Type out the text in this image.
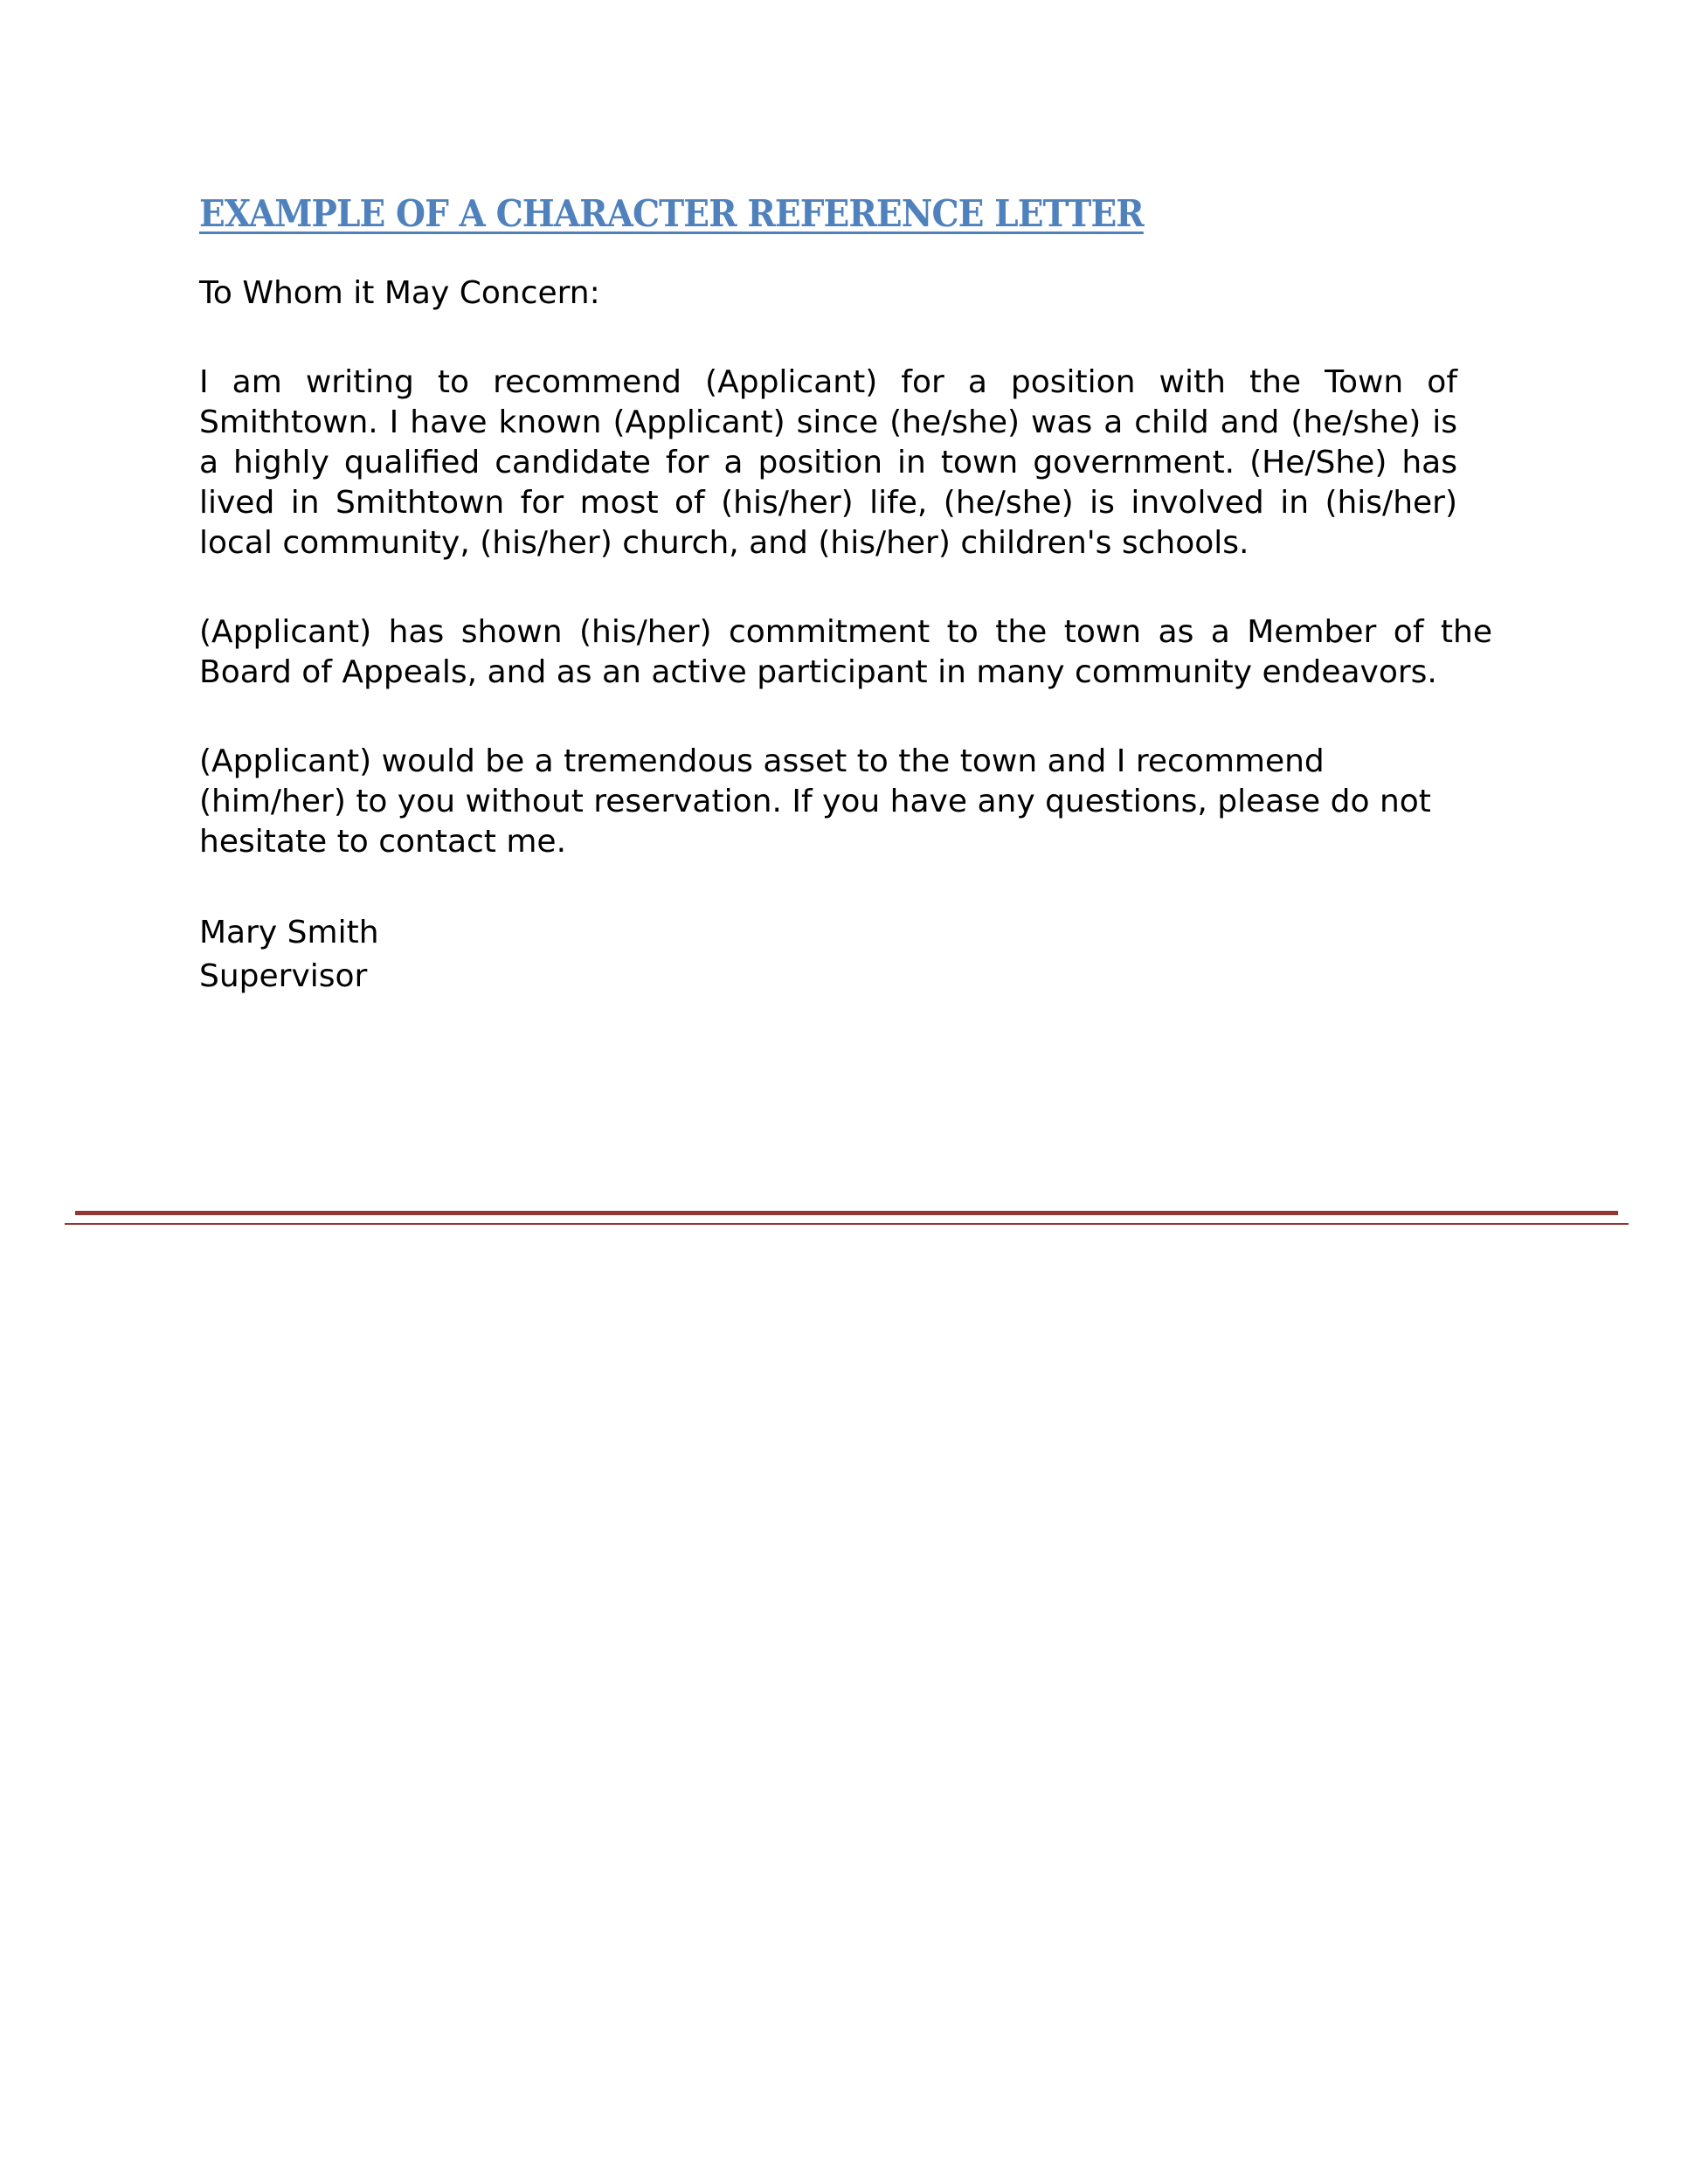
EXAMPLE OF A CHARACTER REFERENCE LETTER

To Whom it May Concern:

I am writing to recommend (Applicant) for a position with the Town of Smithtown. I have known (Applicant) since (he/she) was a child and (he/she) is a highly qualified candidate for a position in town government. (He/She) has lived in Smithtown for most of (his/her) life, (he/she) is involved in (his/her) local community, (his/her) church, and (his/her) children's schools.

(Applicant) has shown (his/her) commitment to the town as a Member of the Board of Appeals, and as an active participant in many community endeavors.

(Applicant) would be a tremendous asset to the town and I recommend (him/her) to you without reservation. If you have any questions, please do not hesitate to contact me.

Mary Smith
Supervisor
